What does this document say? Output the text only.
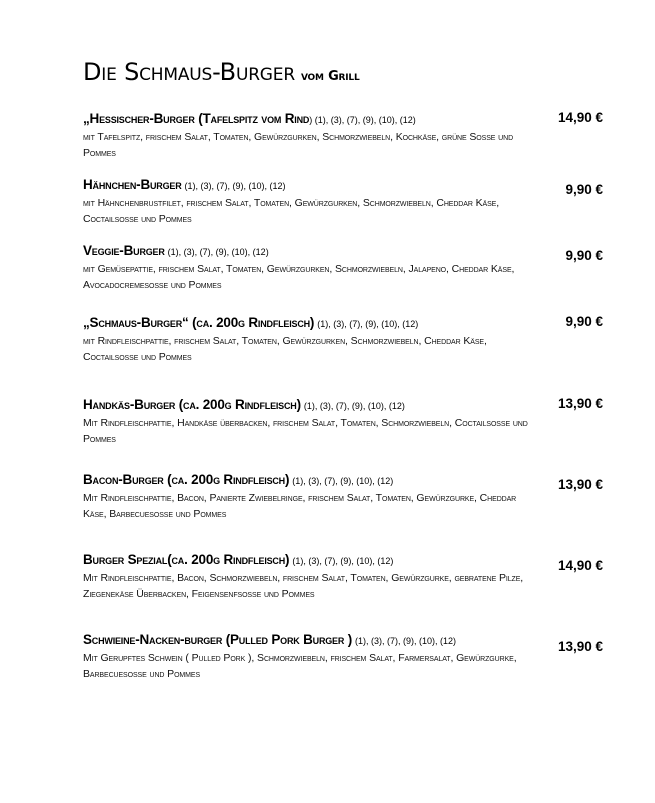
Die Schmaus-Burger vom Grill
„Hessischer-Burger (Tafelspitz vom Rind) (1), (3), (7), (9), (10), (12)
mit Tafelspitz, frischem Salat, Tomaten, Gewürzgurken, Schmorzwiebeln, Kochkäse, grüne Sosse und Pommes
14,90 €
Hähnchen-Burger (1), (3), (7), (9), (10), (12)
mit Hähnchenbrustfilet, frischem Salat, Tomaten, Gewürzgurken, Schmorzwiebeln, Cheddar Käse, Coctailsosse und Pommes
9,90 €
Veggie-Burger (1), (3), (7), (9), (10), (12)
mit Gemüsepattie, frischem Salat, Tomaten, Gewürzgurken, Schmorzwiebeln, Jalapeno, Cheddar Käse, Avocadocremesosse und Pommes
9,90 €
„Schmaus-Burger“ (ca. 200g Rindfleisch) (1), (3), (7), (9), (10), (12)
mit Rindfleischpattie, frischem Salat, Tomaten, Gewürzgurken, Schmorzwiebeln, Cheddar Käse, Coctailsosse und Pommes
9,90 €
Handkäs-Burger (ca. 200g Rindfleisch) (1), (3), (7), (9), (10), (12)
Mit Rindfleischpattie, Handkäse überbacken, frischem Salat, Tomaten, Schmorzwiebeln, Coctailsosse und Pommes
13,90 €
Bacon-Burger (ca. 200g Rindfleisch) (1), (3), (7), (9), (10), (12)
Mit Rindfleischpattie, Bacon, Panierte Zwiebelringe, frischem Salat, Tomaten, Gewürzgurke, Cheddar Käse, Barbecuesosse und Pommes
13,90 €
Burger Spezial(ca. 200g Rindfleisch) (1), (3), (7), (9), (10), (12)
Mit Rindfleischpattie, Bacon, Schmorzwiebeln, frischem Salat, Tomaten, Gewürzgurke, gebratene Pilze, Ziegenekäse Überbacken, Feigensenfsosse und Pommes
14,90 €
Schwieine-Nacken-burger (Pulled Pork Burger ) (1), (3), (7), (9), (10), (12)
Mit Gerupftes Schwein ( Pulled Pork ), Schmorzwiebeln, frischem Salat, Farmersalat, Gewürzgurke, Barbecuesosse und Pommes
13,90 €
